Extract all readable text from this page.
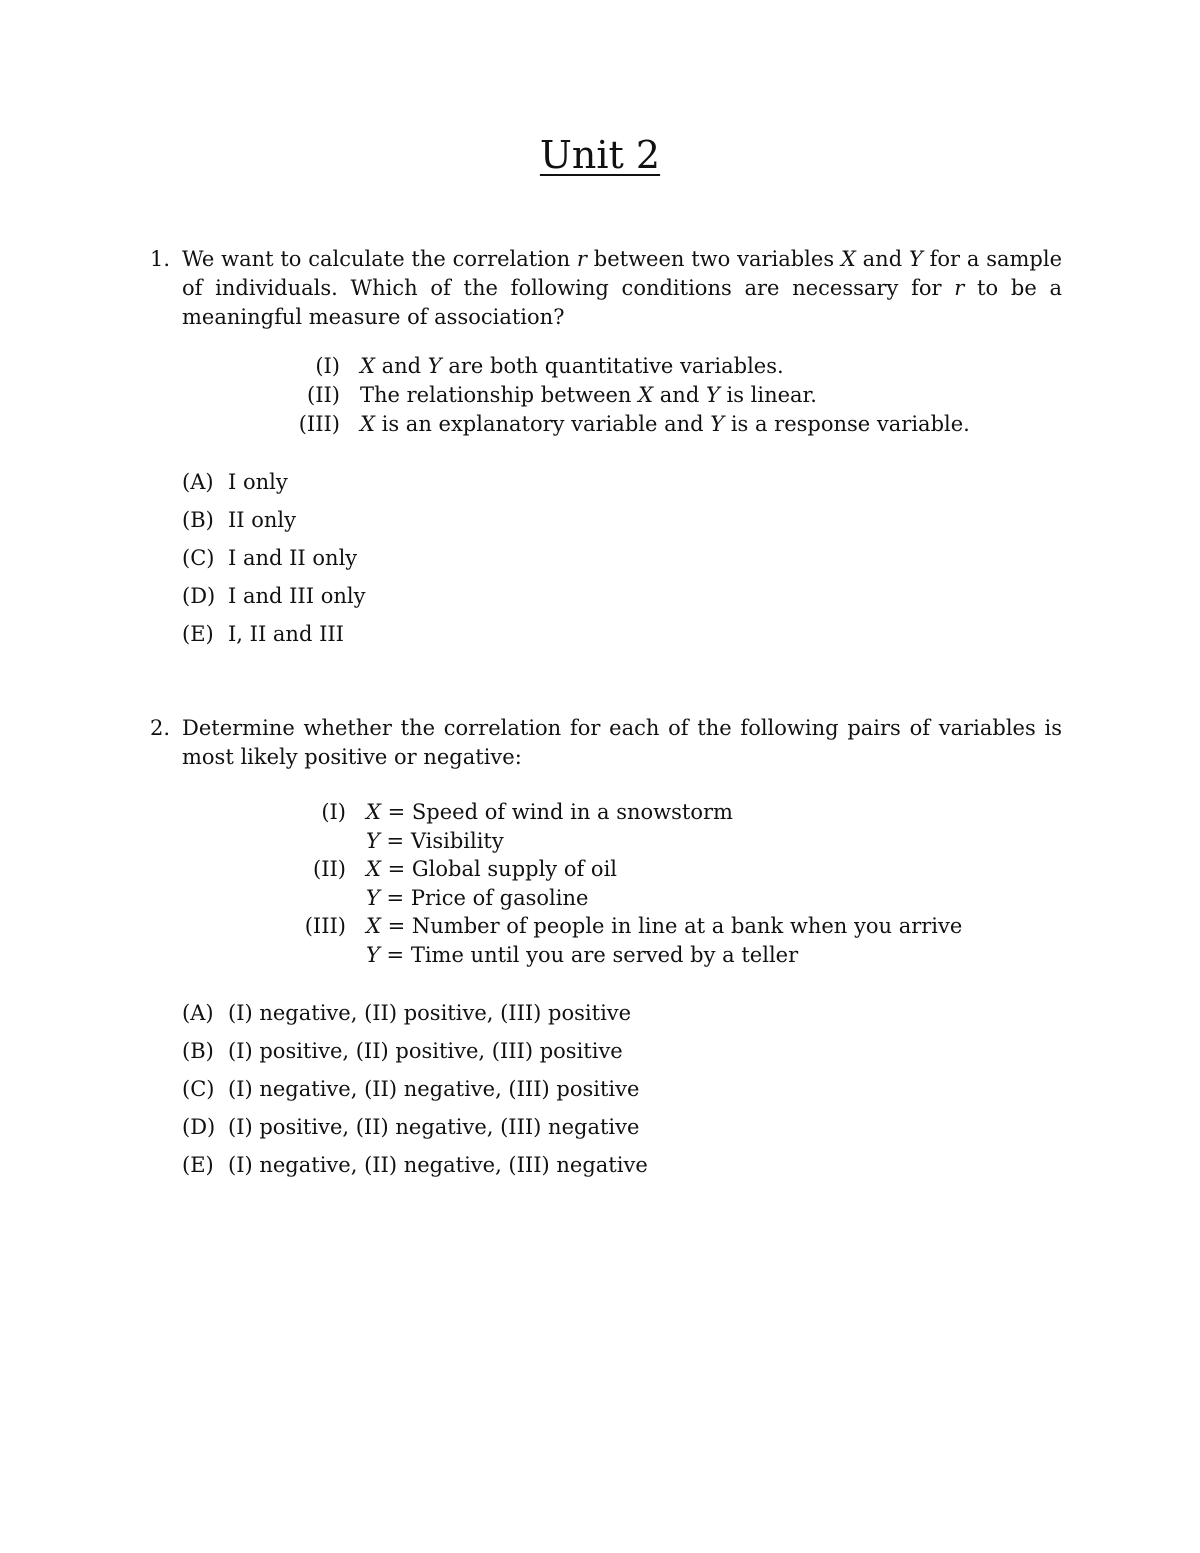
Unit 2
1. We want to calculate the correlation r between two variables X and Y for a sample of individuals. Which of the following conditions are necessary for r to be a meaningful measure of association?
(I) X and Y are both quantitative variables.
(II) The relationship between X and Y is linear.
(III) X is an explanatory variable and Y is a response variable.
(A) I only
(B) II only
(C) I and II only
(D) I and III only
(E) I, II and III
2. Determine whether the correlation for each of the following pairs of variables is most likely positive or negative:
(I) X = Speed of wind in a snowstorm
Y = Visibility
(II) X = Global supply of oil
Y = Price of gasoline
(III) X = Number of people in line at a bank when you arrive
Y = Time until you are served by a teller
(A) (I) negative, (II) positive, (III) positive
(B) (I) positive, (II) positive, (III) positive
(C) (I) negative, (II) negative, (III) positive
(D) (I) positive, (II) negative, (III) negative
(E) (I) negative, (II) negative, (III) negative
